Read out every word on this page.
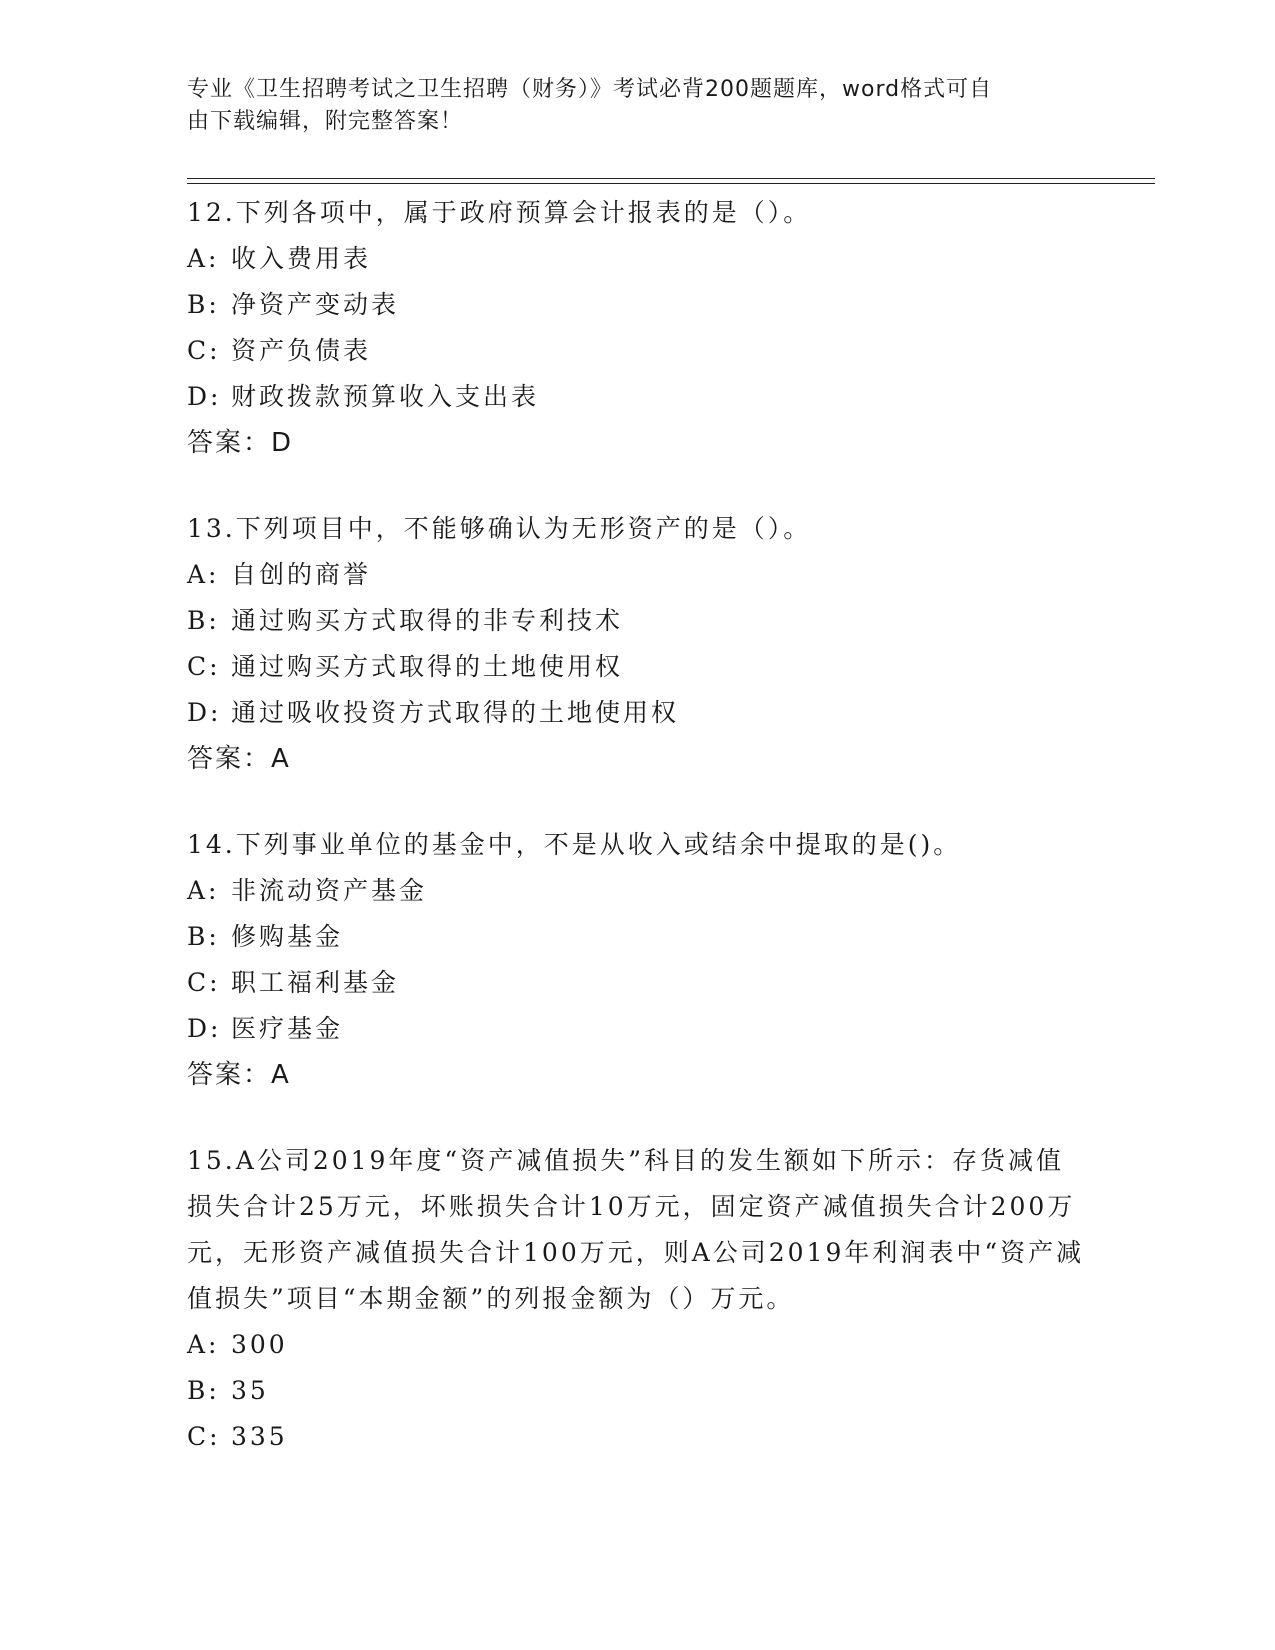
专业《卫生招聘考试之卫生招聘（财务）》考试必背200题题库，word格式可自
由下载编辑，附完整答案！
12.下列各项中，属于政府预算会计报表的是（）。
A: 收入费用表
B: 净资产变动表
C: 资产负债表
D: 财政拨款预算收入支出表
答案：D
13.下列项目中，不能够确认为无形资产的是（）。
A: 自创的商誉
B: 通过购买方式取得的非专利技术
C: 通过购买方式取得的土地使用权
D: 通过吸收投资方式取得的土地使用权
答案：A
14.下列事业单位的基金中，不是从收入或结余中提取的是()。
A: 非流动资产基金
B: 修购基金
C: 职工福利基金
D: 医疗基金
答案：A
15.A公司2019年度“资产减值损失”科目的发生额如下所示：存货减值损失合计25万元，坏账损失合计10万元，固定资产减值损失合计200万元，无形资产减值损失合计100万元，则A公司2019年利润表中“资产减值损失”项目“本期金额”的列报金额为（）万元。
A: 300
B: 35
C: 335
